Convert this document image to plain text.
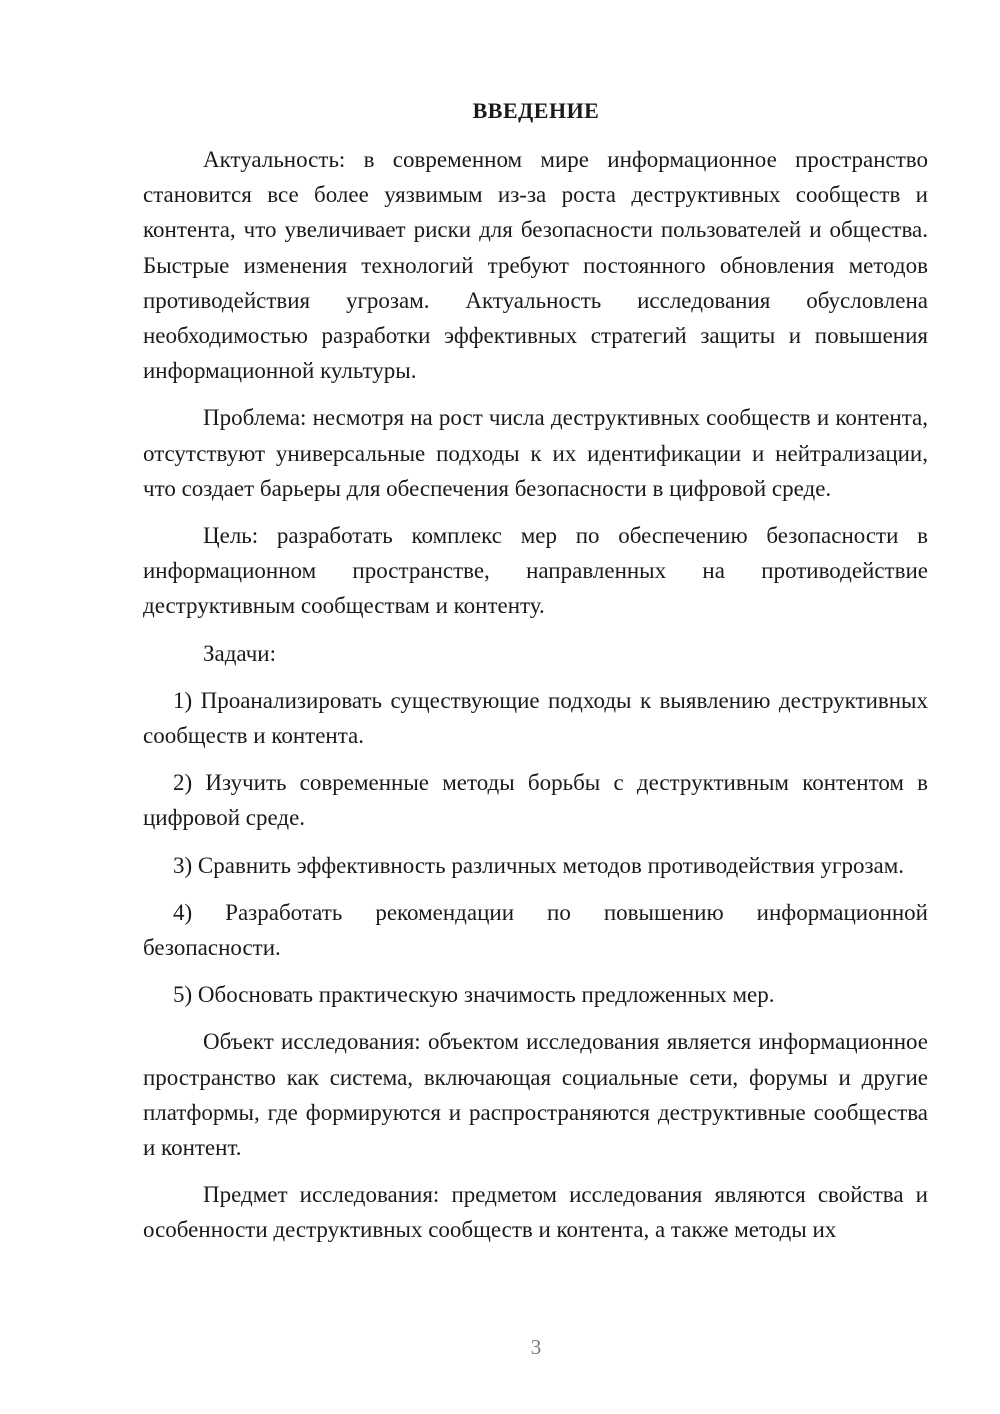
ВВЕДЕНИЕ

Актуальность: в современном мире информационное пространство становится все более уязвимым из-за роста деструктивных сообществ и контента, что увеличивает риски для безопасности пользователей и общества. Быстрые изменения технологий требуют постоянного обновления методов противодействия угрозам. Актуальность исследования обусловлена необходимостью разработки эффективных стратегий защиты и повышения информационной культуры.

Проблема: несмотря на рост числа деструктивных сообществ и контента, отсутствуют универсальные подходы к их идентификации и нейтрализации, что создает барьеры для обеспечения безопасности в цифровой среде.

Цель: разработать комплекс мер по обеспечению безопасности в информационном пространстве, направленных на противодействие деструктивным сообществам и контенту.

Задачи:

1) Проанализировать существующие подходы к выявлению деструктивных сообществ и контента.

2) Изучить современные методы борьбы с деструктивным контентом в цифровой среде.

3) Сравнить эффективность различных методов противодействия угрозам.

4) Разработать рекомендации по повышению информационной безопасности.

5) Обосновать практическую значимость предложенных мер.

Объект исследования: объектом исследования является информационное пространство как система, включающая социальные сети, форумы и другие платформы, где формируются и распространяются деструктивные сообщества и контент.

Предмет исследования: предметом исследования являются свойства и особенности деструктивных сообществ и контента, а также методы их

3
